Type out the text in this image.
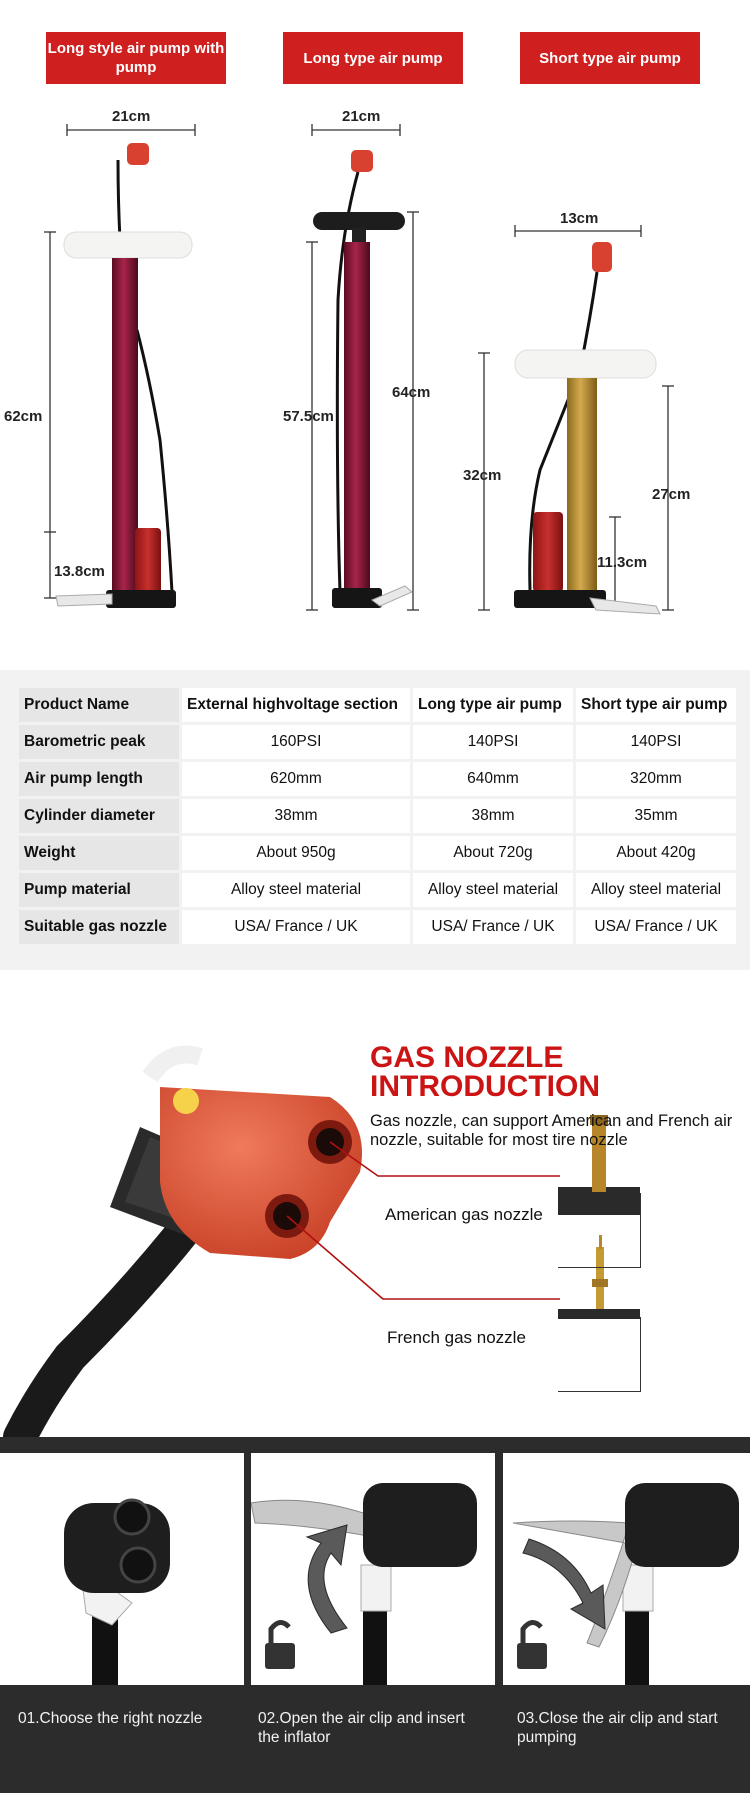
Long style air pump with pump
Long type air pump	Short type air pump
21cm
62cm
13.8cm
21cm
57.5cm
64cm
13cm
32cm
27cm
11.3cm
Product Name	External highvoltage section	Long type air pump	Short type air pump
Barometric peak	160PSI	140PSI	140PSI
Air pump length	620mm	640mm	320mm
Cylinder diameter	38mm	38mm	35mm
Weight	About 950g	About 720g	About 420g
Pump material	Alloy steel material	Alloy steel material	Alloy steel material
Suitable gas nozzle	USA/ France / UK	USA/ France / UK	USA/ France / UK
GAS NOZZLE
INTRODUCTION
Gas nozzle, can support American and French air nozzle, suitable for most tire nozzle
American gas nozzle
French gas nozzle
01.Choose the right nozzle	02.Open the air clip and insert the inflator
03.Close the air clip and start pumping
